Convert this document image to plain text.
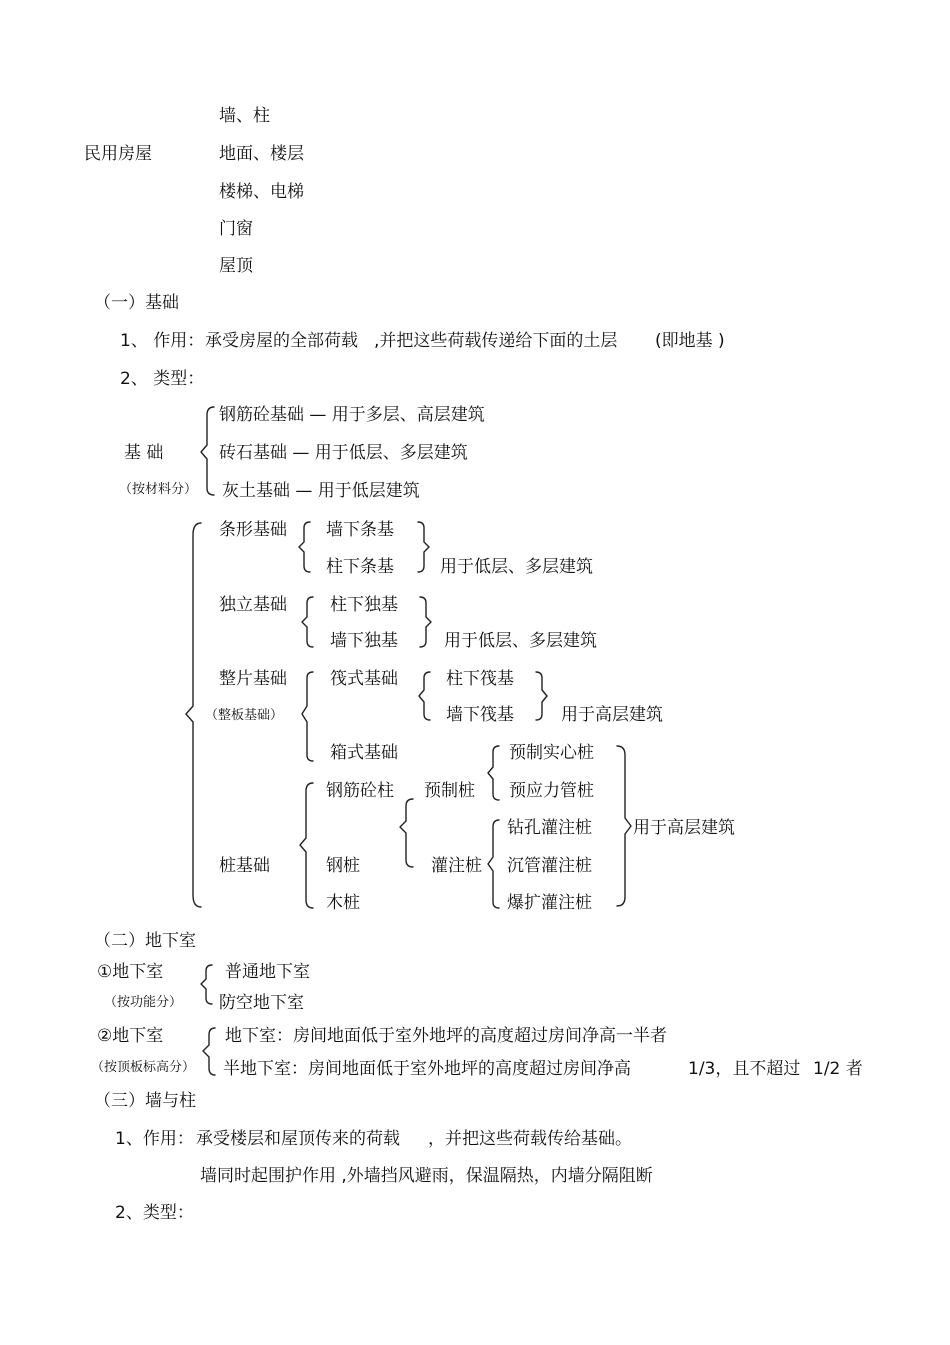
民用房屋
墙、柱
地面、楼层
楼梯、电梯
门窗
屋顶
（一）基础
1、 作用： 承受房屋的全部荷载 ,并把这些荷载传递给下面的土层 (即地基 )
2、 类型：
基 础
（按材料分）
钢筋砼基础 — 用于多层、高层建筑
砖石基础 — 用于低层、多层建筑
灰土基础 — 用于低层建筑
条形基础 墙下条基
柱下条基	用于低层、多层建筑
独立基础	柱下独基
墙下独基	用于低层、多层建筑
整片基础
（整板基础）
筏式基础	柱下筏基
墙下筏基	用于高层建筑
箱式基础
桩基础
钢筋砼柱
钢桩
木桩
预制桩
灌注桩
预制实心桩
预应力管桩
钻孔灌注桩
沉管灌注桩
爆扩灌注桩
用于高层建筑
（二）地下室
①地下室
（按功能分）
普通地下室
防空地下室
②地下室
（按顶板标高分）
地下室：房间地面低于室外地坪的高度超过房间净高一半者
半地下室：房间地面低于室外地坪的高度超过房间净高	1/3，且不超过 1/2 者
（三）墙与柱
1、作用： 承受楼层和屋顶传来的荷载 ，并把这些荷载传给基础。
墙同时起围护作用 ,外墙挡风避雨，保温隔热，内墙分隔阻断
2、类型：
